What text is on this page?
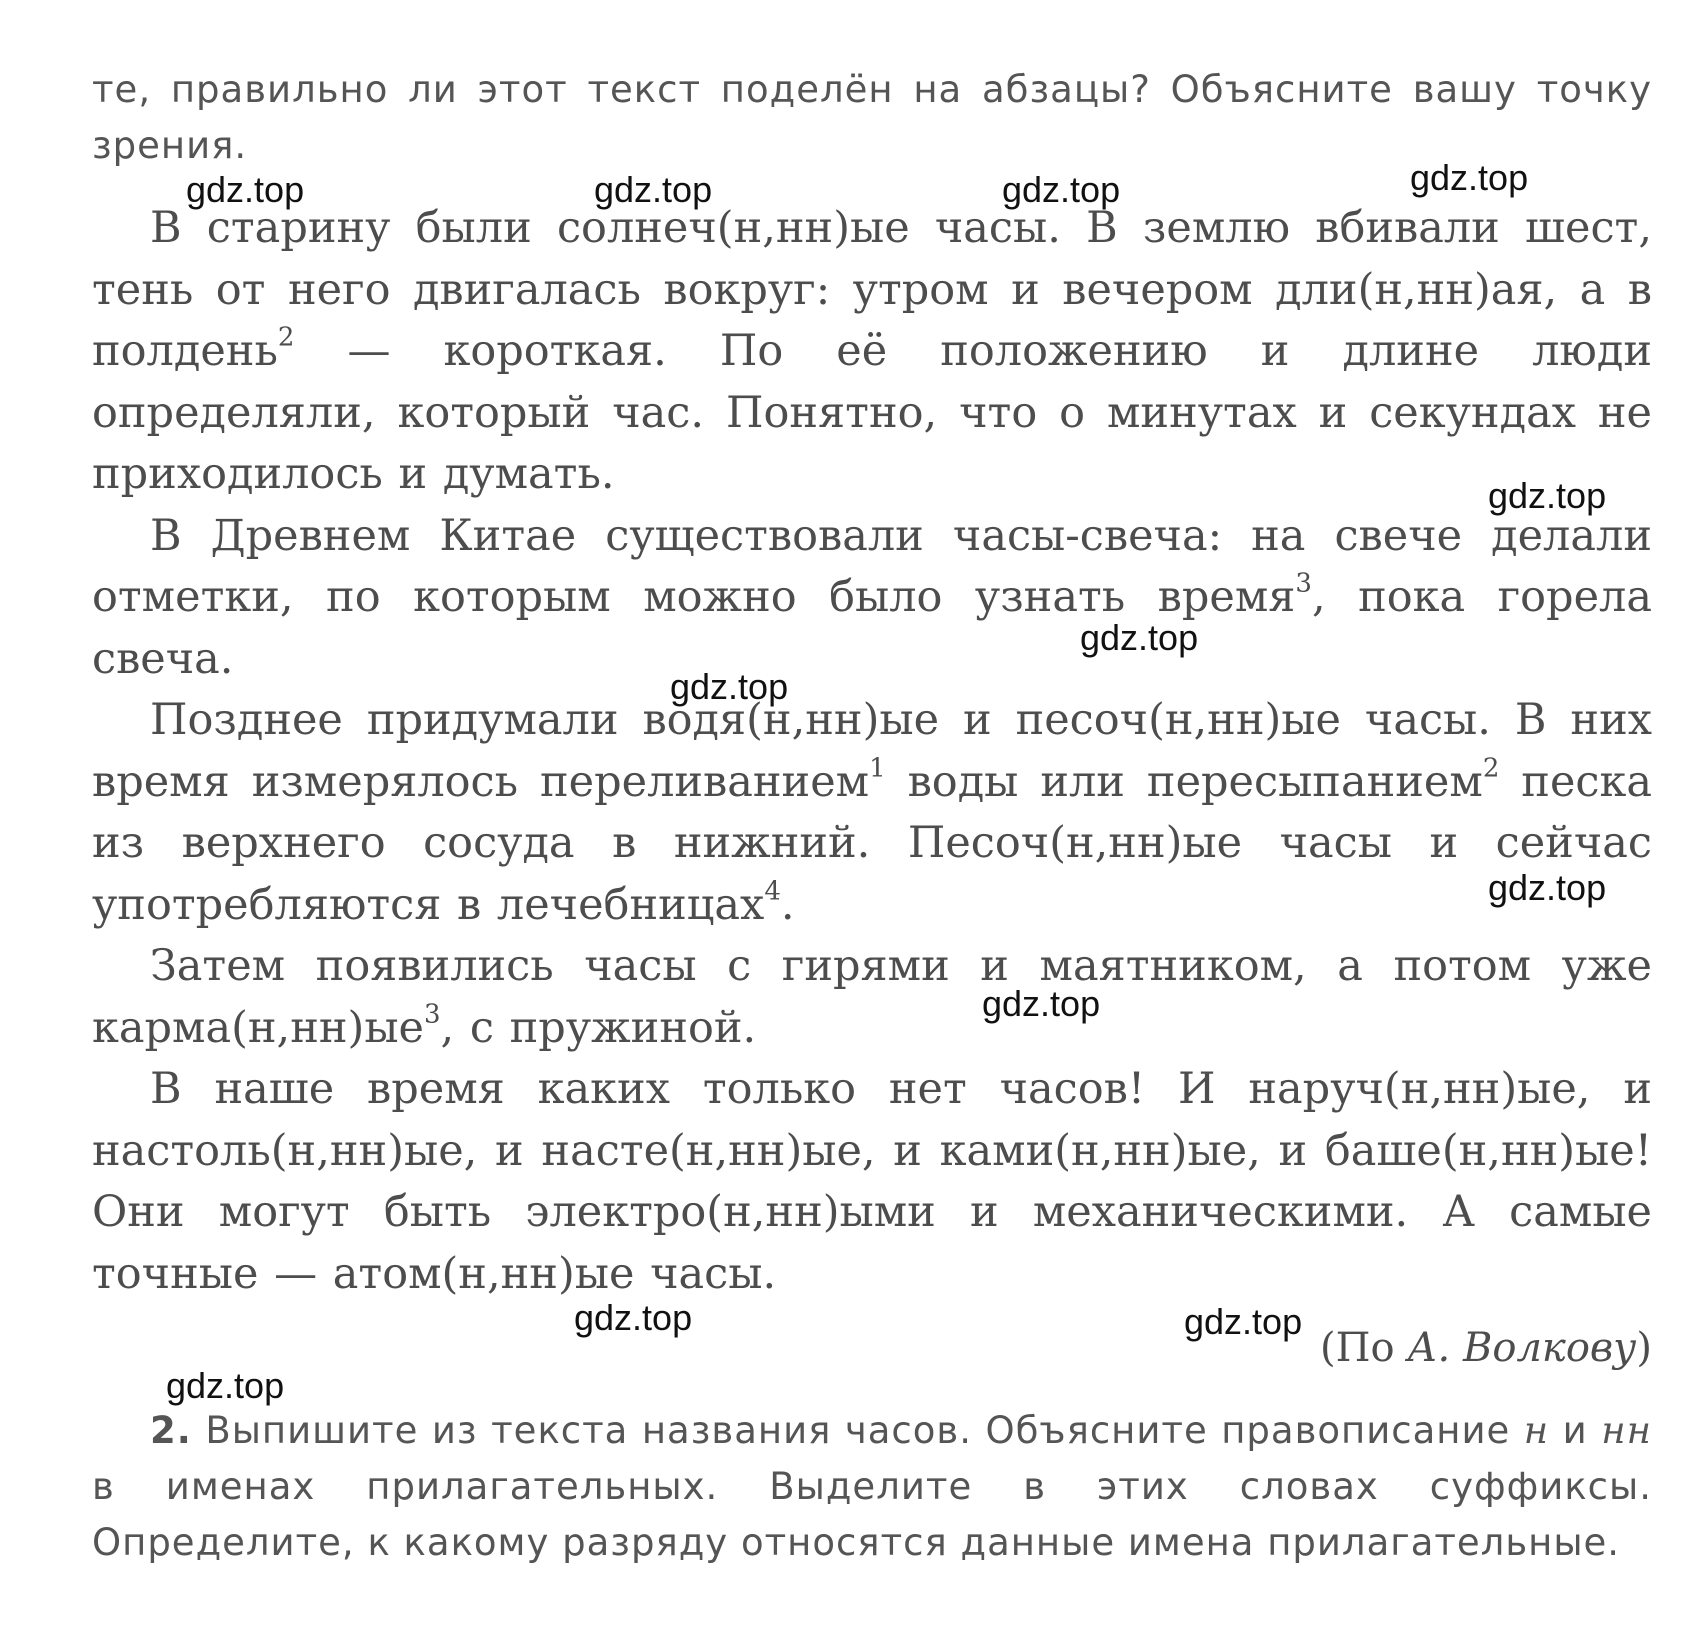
те, правильно ли этот текст поделён на абзацы? Объясните вашу точку зрения.

В старину были солнеч(н,нн)ые часы. В землю вбивали шест, тень от него двигалась вокруг: утром и вечером дли(н,нн)ая, а в полдень$^2$ — короткая. По её положению и длине люди определяли, который час. Понятно, что о минутах и секундах не приходилось и думать.

В Древнем Китае существовали часы-свеча: на свече делали отметки, по которым можно было узнать время$^3$, пока горела свеча.

Позднее придумали водя(н,нн)ые и песоч(н,нн)ые часы. В них время измерялось переливанием$^1$ воды или пересыпанием$^2$ песка из верхнего сосуда в нижний. Песоч(н,нн)ые часы и сейчас употребляются в лечебницах$^4$.

Затем появились часы с гирями и маятником, а потом уже $карма(н,нн)ые^3$, с пружиной.

В наше время каких только нет часов! И наруч(н,нн)ые, и настоль(н,нн)ые, и насте(н,нн)ые, и ками(н,нн)ые, и баше(н,нн)ые! Они могут быть электро(н,нн)ыми и механическими. А самые точные — атом(н,нн)ые часы.

(По А. Волкову)

2. Выпишите из текста названия часов. Объясните правописание н и нн в именах прилагательных. Выделите в этих словах суффиксы. Определите, к какому разряду относятся данные имена прилагательные.

gdz.top	gdz.top	gdz.top	gdz.top
gdz.top
gdz.top
gdz.top
gdz.top
gdz.top
gdz.top	gdz.top
gdz.top
